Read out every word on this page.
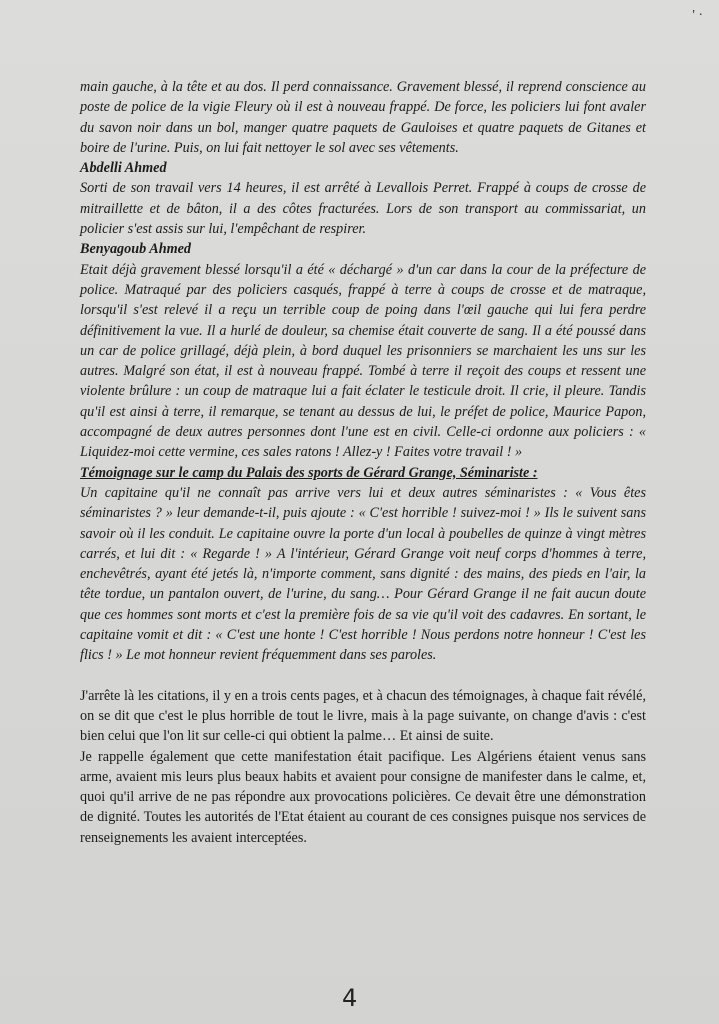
' ·

main gauche, à la tête et au dos. Il perd connaissance. Gravement blessé, il reprend conscience au poste de police de la vigie Fleury où il est à nouveau frappé. De force, les policiers lui font avaler du savon noir dans un bol, manger quatre paquets de Gauloises et quatre paquets de Gitanes et boire de l'urine. Puis, on lui fait nettoyer le sol avec ses vêtements.

Abdelli Ahmed

Sorti de son travail vers 14 heures, il est arrêté à Levallois Perret. Frappé à coups de crosse de mitraillette et de bâton, il a des côtes fracturées. Lors de son transport au commissariat, un policier s'est assis sur lui, l'empêchant de respirer.

Benyagoub Ahmed

Etait déjà gravement blessé lorsqu'il a été « déchargé » d'un car dans la cour de la préfecture de police. Matraqué par des policiers casqués, frappé à terre à coups de crosse et de matraque, lorsqu'il s'est relevé il a reçu un terrible coup de poing dans l'œil gauche qui lui fera perdre définitivement la vue. Il a hurlé de douleur, sa chemise était couverte de sang. Il a été poussé dans un car de police grillagé, déjà plein, à bord duquel les prisonniers se marchaient les uns sur les autres. Malgré son état, il est à nouveau frappé. Tombé à terre il reçoit des coups et ressent une violente brûlure : un coup de matraque lui a fait éclater le testicule droit. Il crie, il pleure. Tandis qu'il est ainsi à terre, il remarque, se tenant au dessus de lui, le préfet de police, Maurice Papon, accompagné de deux autres personnes dont l'une est en civil. Celle-ci ordonne aux policiers : « Liquidez-moi cette vermine, ces sales ratons ! Allez-y ! Faites votre travail ! »

Témoignage sur le camp du Palais des sports de Gérard Grange, Séminariste :

Un capitaine qu'il ne connaît pas arrive vers lui et deux autres séminaristes : « Vous êtes séminaristes ? » leur demande-t-il, puis ajoute : « C'est horrible ! suivez-moi ! » Ils le suivent sans savoir où il les conduit. Le capitaine ouvre la porte d'un local à poubelles de quinze à vingt mètres carrés, et lui dit : « Regarde ! » A l'intérieur, Gérard Grange voit neuf corps d'hommes à terre, enchevêtrés, ayant été jetés là, n'importe comment, sans dignité : des mains, des pieds en l'air, la tête tordue, un pantalon ouvert, de l'urine, du sang… Pour Gérard Grange il ne fait aucun doute que ces hommes sont morts et c'est la première fois de sa vie qu'il voit des cadavres. En sortant, le capitaine vomit et dit : « C'est une honte ! C'est horrible ! Nous perdons notre honneur ! C'est les flics ! » Le mot honneur revient fréquemment dans ses paroles.

J'arrête là les citations, il y en a trois cents pages, et à chacun des témoignages, à chaque fait révélé, on se dit que c'est le plus horrible de tout le livre, mais à la page suivante, on change d'avis : c'est bien celui que l'on lit sur celle-ci qui obtient la palme… Et ainsi de suite.

Je rappelle également que cette manifestation était pacifique. Les Algériens étaient venus sans arme, avaient mis leurs plus beaux habits et avaient pour consigne de manifester dans le calme, et, quoi qu'il arrive de ne pas répondre aux provocations policières. Ce devait être une démonstration de dignité. Toutes les autorités de l'Etat étaient au courant de ces consignes puisque nos services de renseignements les avaient interceptées.

4
